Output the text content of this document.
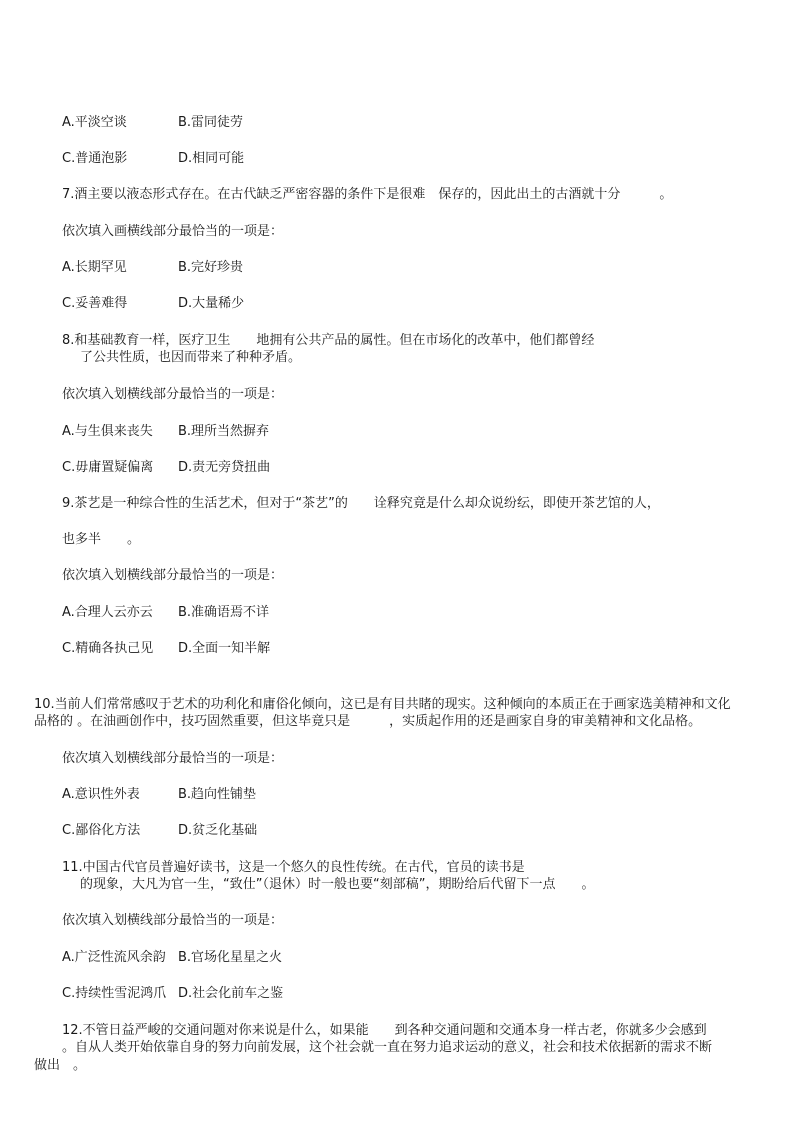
A.平淡空谈	B.雷同徒劳
C.普通泡影	D.相同可能
7.酒主要以液态形式存在。在古代缺乏严密容器的条件下是很难　保存的，因此出土的古酒就十分　　　。
依次填入画横线部分最恰当的一项是：
A.长期罕见	B.完好珍贵
C.妥善难得	D.大量稀少
8.和基础教育一样，医疗卫生　　地拥有公共产品的属性。但在市场化的改革中，他们都曾经
了公共性质，也因而带来了种种矛盾。
依次填入划横线部分最恰当的一项是：
A.与生俱来丧失 B.理所当然摒弃
C.毋庸置疑偏离 D.责无旁贷扭曲
9.茶艺是一种综合性的生活艺术，但对于“茶艺”的　　诠释究竟是什么却众说纷纭，即使开茶艺馆的人，
也多半　　。
依次填入划横线部分最恰当的一项是：
A.合理人云亦云 B.准确语焉不详
C.精确各执己见 D.全面一知半解
10.当前人们常常感叹于艺术的功利化和庸俗化倾向，这已是有目共睹的现实。这种倾向的本质正在于画家选美精神和文化
品格的 。在油画创作中，技巧固然重要，但这毕竟只是　　　，实质起作用的还是画家自身的审美精神和文化品格。
依次填入划横线部分最恰当的一项是：
A.意识性外表	B.趋向性铺垫
C.鄙俗化方法	D.贫乏化基础
11.中国古代官员普遍好读书，这是一个悠久的良性传统。在古代，官员的读书是
的现象，大凡为官一生，“致仕”（退休）时一般也要“刻部稿”，期盼给后代留下一点　　。
依次填入划横线部分最恰当的一项是：
A.广泛性流风余韵 B.官场化星星之火
C.持续性雪泥鸿爪 D.社会化前车之鉴
12.不管日益严峻的交通问题对你来说是什么，如果能　　到各种交通问题和交通本身一样古老，你就多少会感到
。自从人类开始依靠自身的努力向前发展，这个社会就一直在努力追求运动的意义，社会和技术依据新的需求不断
做出　。
